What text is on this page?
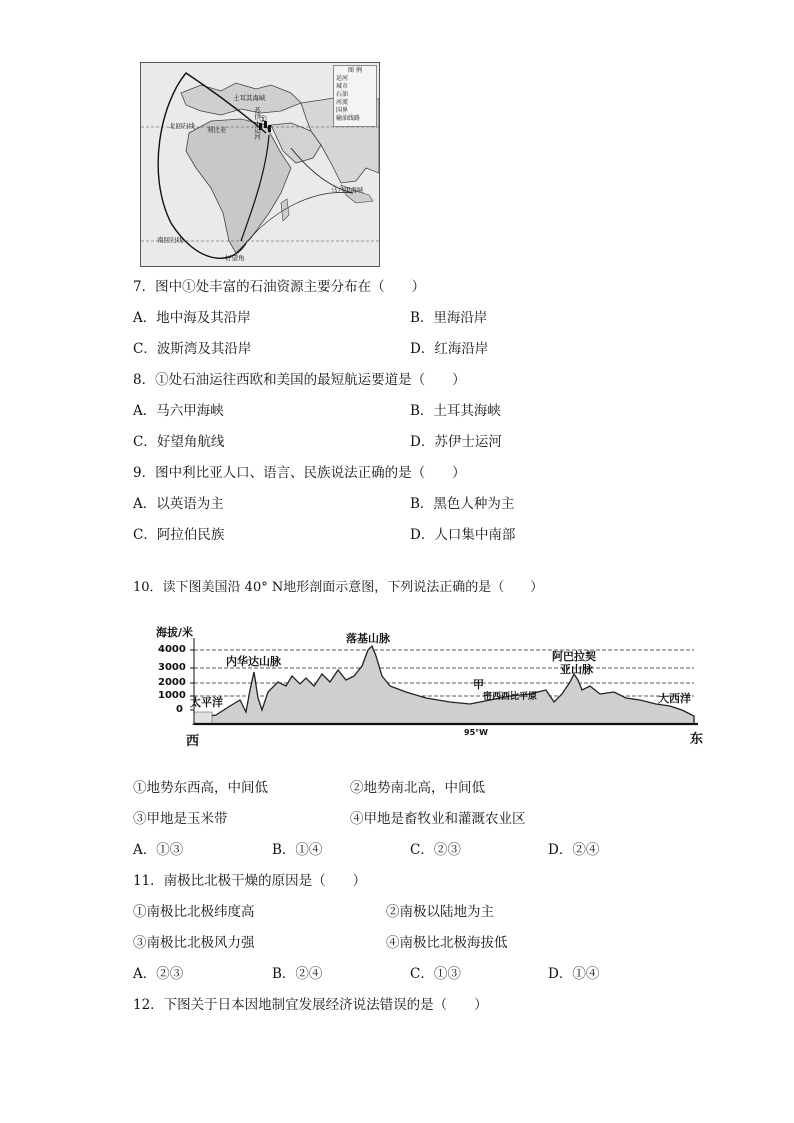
图 例
运河
城市
石油
河流
国界
输油线路
土耳其海峡
苏伊士运河
①
北回归线 利比亚
马六甲海峡
南回归线
好望角
7．图中①处丰富的石油资源主要分布在（　　）
A．地中海及其沿岸	B．里海沿岸
C．波斯湾及其沿岸	D．红海沿岸
8．①处石油运往西欧和美国的最短航运要道是（　　）
A．马六甲海峡	B．土耳其海峡
C．好望角航线	D．苏伊士运河
9．图中利比亚人口、语言、民族说法正确的是（　　）
A．以英语为主	B．黑色人种为主
C．阿拉伯民族	D．人口集中南部
10．读下图美国沿 40° N地形剖面示意图，下列说法正确的是（　　）
海拔/米
4000
3000
2000
1000
0
落基山脉
内华达山脉	阿巴拉契
亚山脉
甲
密西西比平原
太平洋	大西洋
西	东
95°W
①地势东西高，中间低	②地势南北高，中间低
③甲地是玉米带	④甲地是畜牧业和灌溉农业区
A．①③	B．①④	C．②③	D．②④
11．南极比北极干燥的原因是（　　）
①南极比北极纬度高	②南极以陆地为主
③南极比北极风力强	④南极比北极海拔低
A．②③	B．②④	C．①③	D．①④
12．下图关于日本因地制宜发展经济说法错误的是（　　）
